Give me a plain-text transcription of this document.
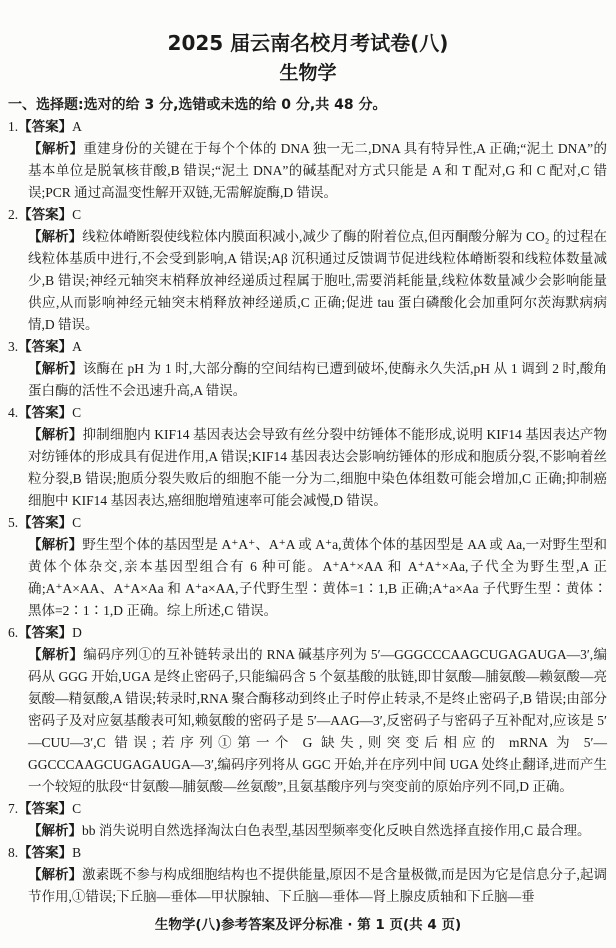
2025 届云南名校月考试卷(八)
生物学
一、选择题:选对的给 3 分,选错或未选的给 0 分,共 48 分。
1.【答案】A
【解析】重建身份的关键在于每个个体的 DNA 独一无二,DNA 具有特异性,A 正确;“泥土 DNA”的基本单位是脱氧核苷酸,B 错误;“泥土 DNA”的碱基配对方式只能是 A 和 T 配对,G 和 C 配对,C 错误;PCR 通过高温变性解开双链,无需解旋酶,D 错误。
2.【答案】C
【解析】线粒体嵴断裂使线粒体内膜面积减小,减少了酶的附着位点,但丙酮酸分解为 CO₂ 的过程在线粒体基质中进行,不会受到影响,A 错误;Aβ 沉积通过反馈调节促进线粒体嵴断裂和线粒体数量减少,B 错误;神经元轴突末梢释放神经递质过程属于胞吐,需要消耗能量,线粒体数量减少会影响能量供应,从而影响神经元轴突末梢释放神经递质,C 正确;促进 tau 蛋白磷酸化会加重阿尔茨海默病病情,D 错误。
3.【答案】A
【解析】该酶在 pH 为 1 时,大部分酶的空间结构已遭到破坏,使酶永久失活,pH 从 1 调到 2 时,酸角蛋白酶的活性不会迅速升高,A 错误。
4.【答案】C
【解析】抑制细胞内 KIF14 基因表达会导致有丝分裂中纺锤体不能形成,说明 KIF14 基因表达产物对纺锤体的形成具有促进作用,A 错误;KIF14 基因表达会影响纺锤体的形成和胞质分裂,不影响着丝粒分裂,B 错误;胞质分裂失败后的细胞不能一分为二,细胞中染色体组数可能会增加,C 正确;抑制癌细胞中 KIF14 基因表达,癌细胞增殖速率可能会减慢,D 错误。
5.【答案】C
【解析】野生型个体的基因型是 A⁺A⁺、A⁺A 或 A⁺a,黄体个体的基因型是 AA 或 Aa,一对野生型和黄体个体杂交,亲本基因型组合有 6 种可能。A⁺A⁺×AA 和 A⁺A⁺×Aa,子代全为野生型,A 正确;A⁺A×AA、A⁺A×Aa 和 A⁺a×AA,子代野生型∶黄体=1∶1,B 正确;A⁺a×Aa 子代野生型∶黄体∶黑体=2∶1∶1,D 正确。综上所述,C 错误。
6.【答案】D
【解析】编码序列①的互补链转录出的 RNA 碱基序列为 5′—GGGCCCAAGCUGAGAUGA—3′,编码从 GGG 开始,UGA 是终止密码子,只能编码含 5 个氨基酸的肽链,即甘氨酸—脯氨酸—赖氨酸—亮氨酸—精氨酸,A 错误;转录时,RNA 聚合酶移动到终止子时停止转录,不是终止密码子,B 错误;由部分密码子及对应氨基酸表可知,赖氨酸的密码子是 5′—AAG—3′,反密码子与密码子互补配对,应该是 5′—CUU—3′,C 错误;若序列①第一个 G 缺失,则突变后相应的 mRNA 为 5′—GGCCCAAGCUGAGAUGA—3′,编码序列将从 GGC 开始,并在序列中间 UGA 处终止翻译,进而产生一个较短的肽段“甘氨酸—脯氨酸—丝氨酸”,且氨基酸序列与突变前的原始序列不同,D 正确。
7.【答案】C
【解析】bb 消失说明自然选择淘汰白色表型,基因型频率变化反映自然选择直接作用,C 最合理。
8.【答案】B
【解析】激素既不参与构成细胞结构也不提供能量,原因不是含量极微,而是因为它是信息分子,起调节作用,①错误;下丘脑—垂体—甲状腺轴、下丘脑—垂体—肾上腺皮质轴和下丘脑—垂
生物学(八)参考答案及评分标准 · 第 1 页(共 4 页)
